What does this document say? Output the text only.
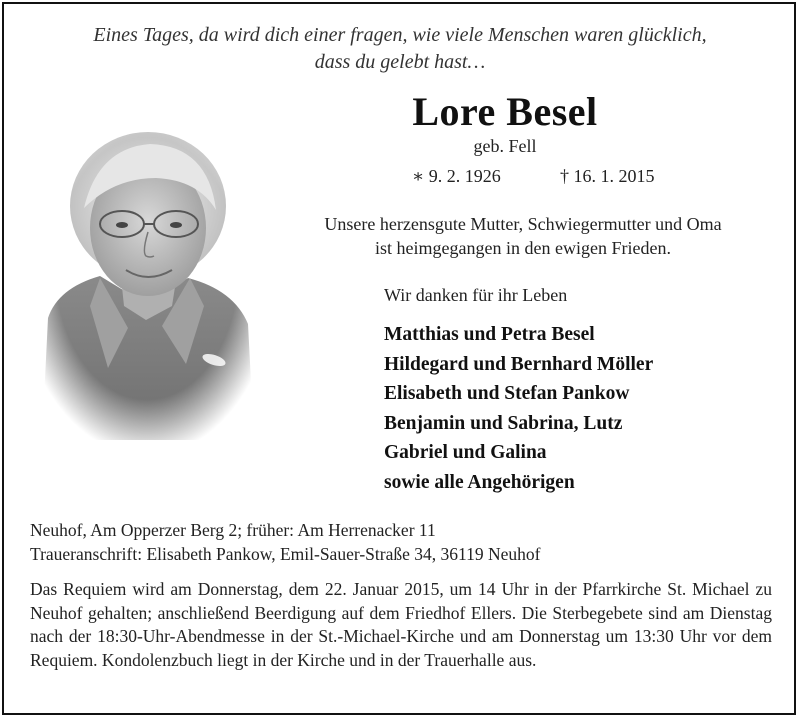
Eines Tages, da wird dich einer fragen, wie viele Menschen waren glücklich,
dass du gelebt hast…
Lore Besel
geb. Fell
∗ 9. 2. 1926	† 16. 1. 2015
Unsere herzensgute Mutter, Schwiegermutter und Oma
ist heimgegangen in den ewigen Frieden.
Wir danken für ihr Leben
Matthias und Petra Besel
Hildegard und Bernhard Möller
Elisabeth und Stefan Pankow
Benjamin und Sabrina, Lutz
Gabriel und Galina
sowie alle Angehörigen
Neuhof, Am Opperzer Berg 2; früher: Am Herrenacker 11
Traueranschrift: Elisabeth Pankow, Emil-Sauer-Straße 34, 36119 Neuhof
Das Requiem wird am Donnerstag, dem 22. Januar 2015, um 14 Uhr in der Pfarrkirche St. Michael zu Neuhof gehalten; anschließend Beerdigung auf dem Friedhof Ellers. Die Sterbegebete sind am Dienstag nach der 18:30-Uhr-Abendmesse in der St.-Michael-Kirche und am Donnerstag um 13:30 Uhr vor dem Requiem. Kondolenzbuch liegt in der Kirche und in der Trauerhalle aus.
